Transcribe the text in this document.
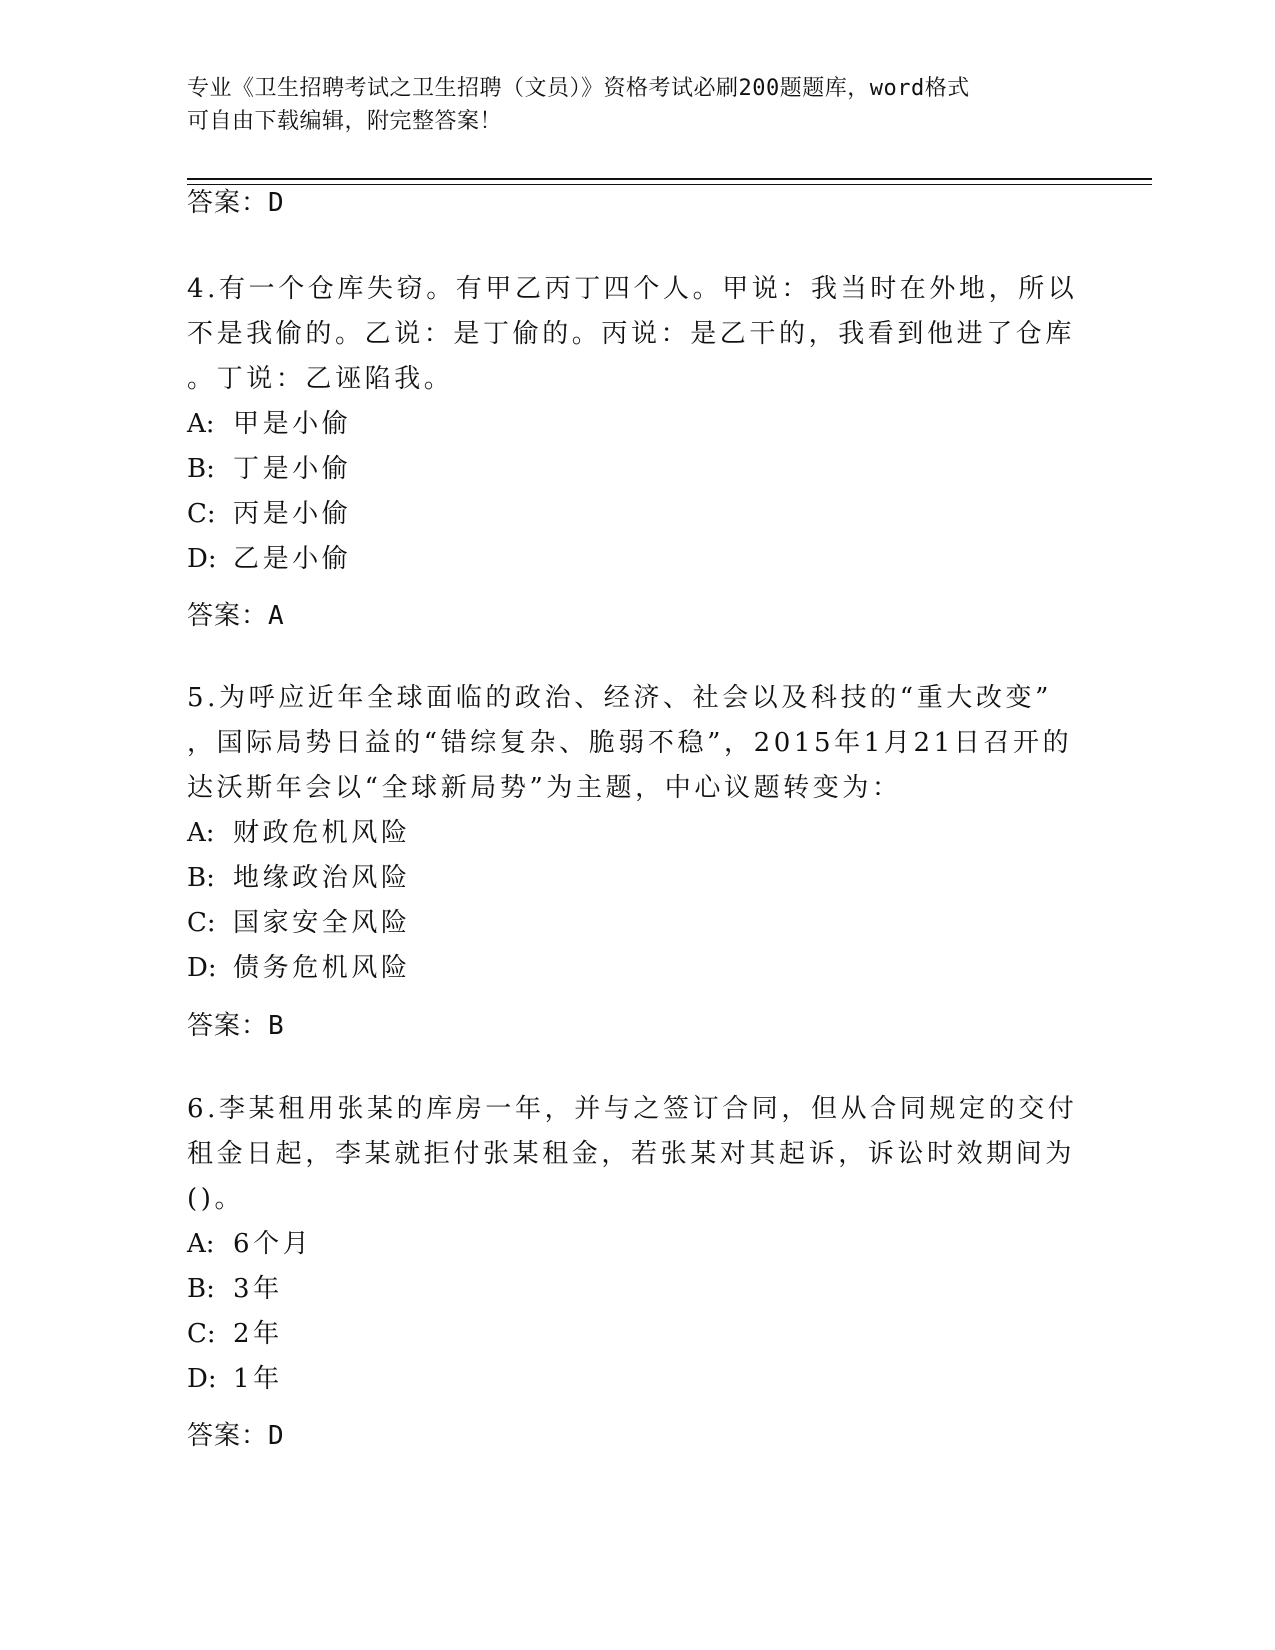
专业《卫生招聘考试之卫生招聘（文员）》资格考试必刷200题题库，word格式
可自由下载编辑，附完整答案！
答案：D

4.有一个仓库失窃。有甲乙丙丁四个人。甲说：我当时在外地，所以

不是我偷的。乙说：是丁偷的。丙说：是乙干的，我看到他进了仓库

。丁说：乙诬陷我。

A: 甲是小偷

B: 丁是小偷

C: 丙是小偷

D: 乙是小偷

答案：A

5.为呼应近年全球面临的政治、经济、社会以及科技的“重大改变”

，国际局势日益的“错综复杂、脆弱不稳”，2015年1月21日召开的

达沃斯年会以“全球新局势”为主题，中心议题转变为：

A: 财政危机风险

B: 地缘政治风险

C: 国家安全风险

D: 债务危机风险

答案：B

6.李某租用张某的库房一年，并与之签订合同，但从合同规定的交付

租金日起，李某就拒付张某租金，若张某对其起诉，诉讼时效期间为

()。

A: 6个月

B: 3年

C: 2年

D: 1年

答案：D
